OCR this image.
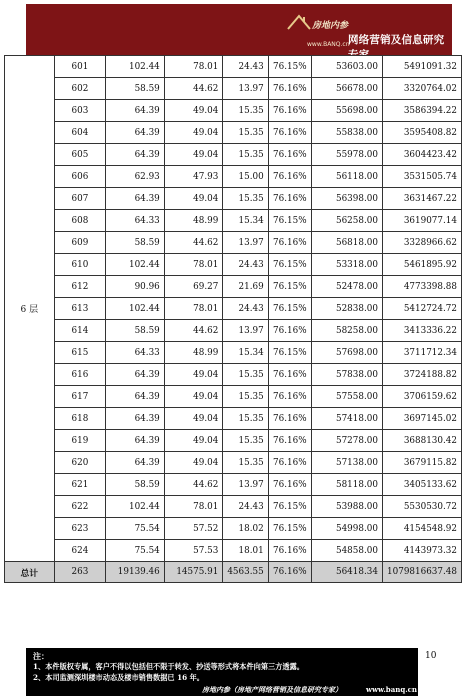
房地内参
www.BANQ.cn
网络营销及信息研究专家
6 层	601	102.44	78.01	24.43	76.15%	53603.00	5491091.32
	602	58.59	44.62	13.97	76.16%	56678.00	3320764.02
	603	64.39	49.04	15.35	76.16%	55698.00	3586394.22
	604	64.39	49.04	15.35	76.16%	55838.00	3595408.82
	605	64.39	49.04	15.35	76.16%	55978.00	3604423.42
	606	62.93	47.93	15.00	76.16%	56118.00	3531505.74
	607	64.39	49.04	15.35	76.16%	56398.00	3631467.22
	608	64.33	48.99	15.34	76.15%	56258.00	3619077.14
	609	58.59	44.62	13.97	76.16%	56818.00	3328966.62
	610	102.44	78.01	24.43	76.15%	53318.00	5461895.92
	612	90.96	69.27	21.69	76.15%	52478.00	4773398.88
	613	102.44	78.01	24.43	76.15%	52838.00	5412724.72
	614	58.59	44.62	13.97	76.16%	58258.00	3413336.22
	615	64.33	48.99	15.34	76.15%	57698.00	3711712.34
	616	64.39	49.04	15.35	76.16%	57838.00	3724188.82
	617	64.39	49.04	15.35	76.16%	57558.00	3706159.62
	618	64.39	49.04	15.35	76.16%	57418.00	3697145.02
	619	64.39	49.04	15.35	76.16%	57278.00	3688130.42
	620	64.39	49.04	15.35	76.16%	57138.00	3679115.82
	621	58.59	44.62	13.97	76.16%	58118.00	3405133.62
	622	102.44	78.01	24.43	76.15%	53988.00	5530530.72
	623	75.54	57.52	18.02	76.15%	54998.00	4154548.92
	624	75.54	57.53	18.01	76.16%	54858.00	4143973.32
总计	263	19139.46	14575.91	4563.55	76.16%	56418.34	1079816637.48
10
注：
1、本件版权专属，客户不得以包括但不限于转发、抄送等形式将本件向第三方透露。
2、本司监测深圳楼市动态及楼市销售数据已 16 年。
房地内参（房地产网络营销及信息研究专家）	www.banq.cn
